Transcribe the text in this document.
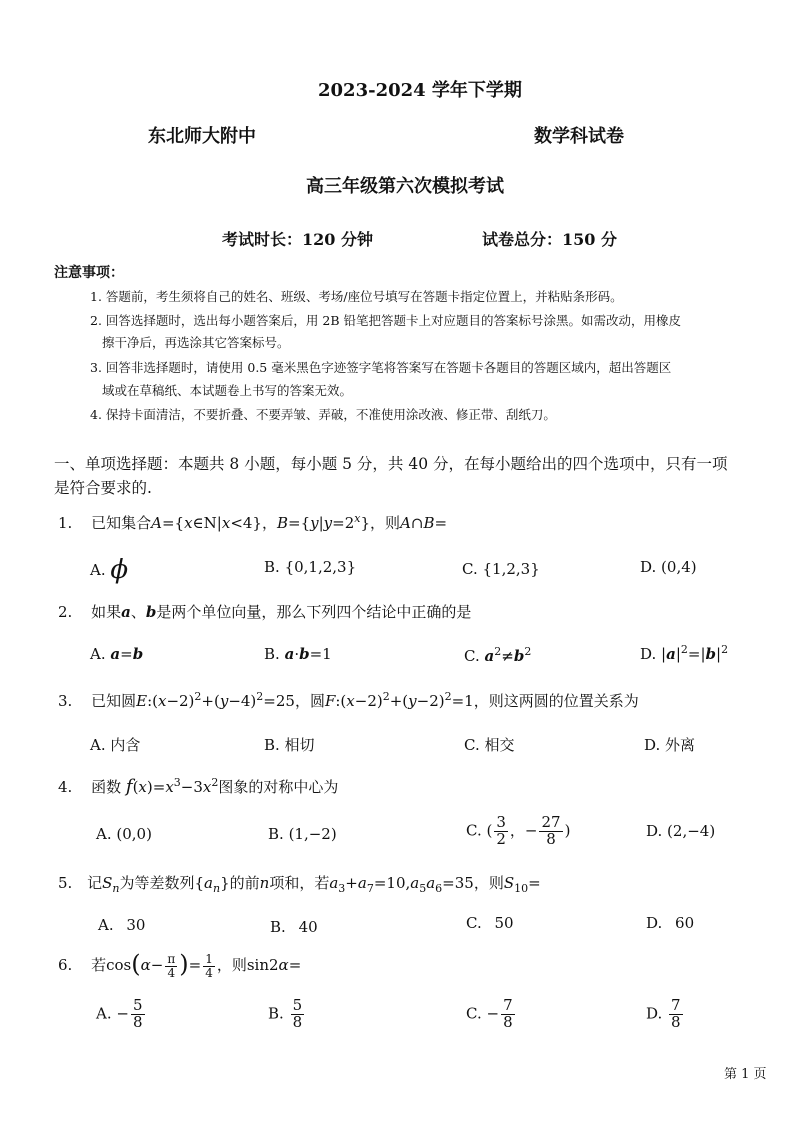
2023-2024 学年下学期
东北师大附中	数学科试卷
高三年级第六次模拟考试
考试时长：120 分钟	试卷总分：150 分
注意事项：
1. 答题前，考生须将自己的姓名、班级、考场/座位号填写在答题卡指定位置上，并粘贴条形码。
2. 回答选择题时，选出每小题答案后，用 2B 铅笔把答题卡上对应题目的答案标号涂黑。如需改动，用橡皮
擦干净后，再选涂其它答案标号。
3. 回答非选择题时，请使用 0.5 毫米黑色字迹签字笔将答案写在答题卡各题目的答题区域内，超出答题区
域或在草稿纸、本试题卷上书写的答案无效。
4. 保持卡面清洁，不要折叠、不要弄皱、弄破，不准使用涂改液、修正带、刮纸刀。
一、单项选择题：本题共 8 小题，每小题 5 分，共 40 分，在每小题给出的四个选项中，只有一项
是符合要求的.
1. 已知集合A={x∈N|x<4}，$B=\{y|y=2^x\}$，则A∩B=
A. ϕ	B. {0,1,2,3}	C. {1,2,3}	D. (0,4)
2. 如果a、b是两个单位向量，那么下列四个结论中正确的是
A. a=b	B. a·b=1	C. $a^2\ne b^2$	D. $|a|^2=|b|^2$
3. 已知圆$E:(x-2)^2+(y-4)^2=25$，圆$F:(x-2)^2+(y-2)^2=1$，则这两圆的位置关系为
A. 内含	B. 相切	C. 相交	D. 外离
4. 函数 $f(x)=x^3-3x^2$图象的对称中心为
A. (0,0)	B. (1,−2)	C. ( $\frac{3}{2}$ ，− $\frac{27}{8}$ )	D. (2,−4)
5. 记$S_n$为等差数列$\{a_n\}$的前n项和，若$a_3+a_7=10,a_5a_6=35$，则$S_{10}=$
A. 30	B. 40	C. 50	D. 60
6. 若$\cos(\alpha- \frac{\pi}{4}$ )= $\frac{1}{4}$ ，则sin2α=
A. − $\frac{5}{8}$	B. $\frac{5}{8}$	C. − $\frac{7}{8}$	D. $\frac{7}{8}$
第 1 页
